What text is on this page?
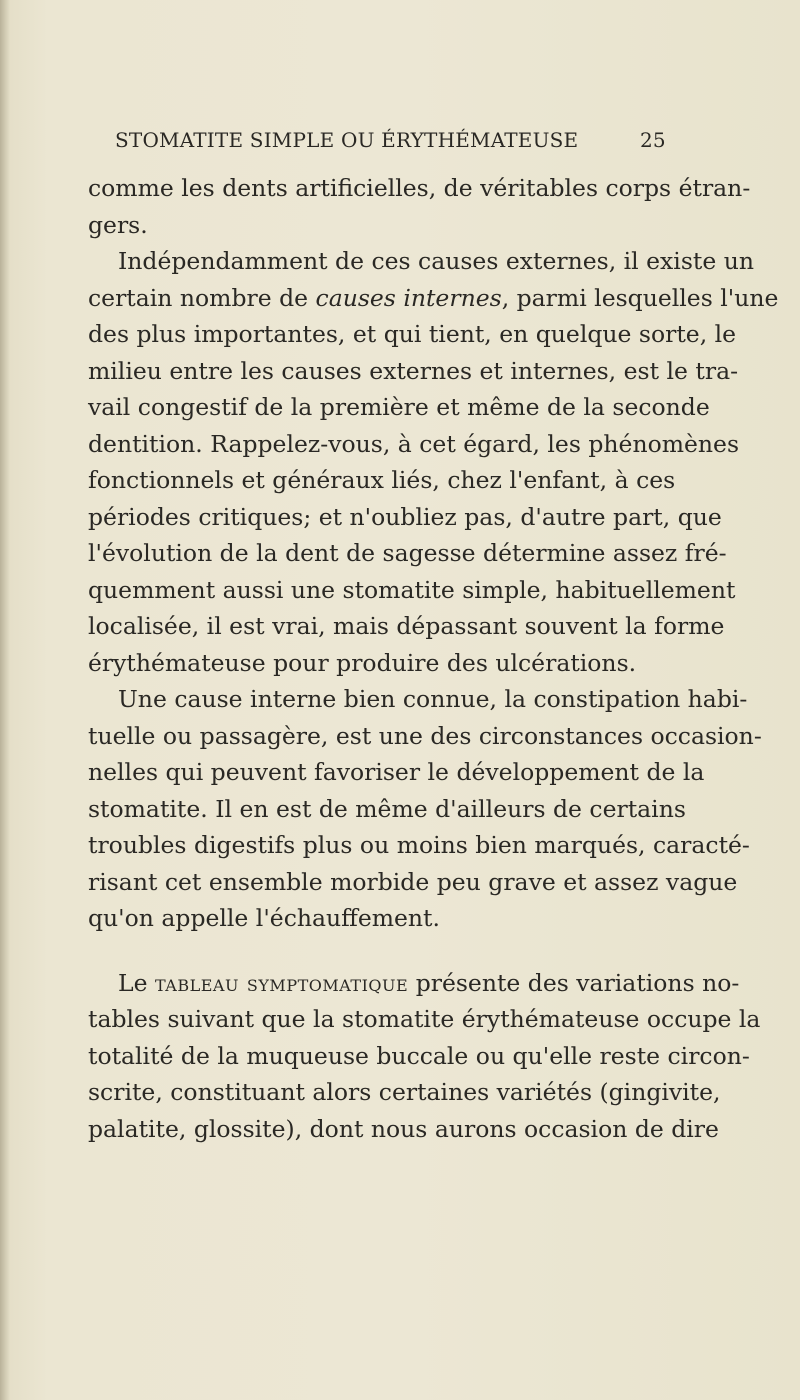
STOMATITE SIMPLE OU ÉRYTHÉMATEUSE	25
comme les dents artificielles, de véritables corps étran-
gers.
Indépendamment de ces causes externes, il existe un
certain nombre de causes internes, parmi lesquelles l'une
des plus importantes, et qui tient, en quelque sorte, le
milieu entre les causes externes et internes, est le tra-
vail congestif de la première et même de la seconde
dentition. Rappelez-vous, à cet égard, les phénomènes
fonctionnels et généraux liés, chez l'enfant, à ces
périodes critiques; et n'oubliez pas, d'autre part, que
l'évolution de la dent de sagesse détermine assez fré-
quemment aussi une stomatite simple, habituellement
localisée, il est vrai, mais dépassant souvent la forme
érythémateuse pour produire des ulcérations.
Une cause interne bien connue, la constipation habi-
tuelle ou passagère, est une des circonstances occasion-
nelles qui peuvent favoriser le développement de la
stomatite. Il en est de même d'ailleurs de certains
troubles digestifs plus ou moins bien marqués, caracté-
risant cet ensemble morbide peu grave et assez vague
qu'on appelle l'échauffement.
Le tableau symptomatique présente des variations no-
tables suivant que la stomatite érythémateuse occupe la
totalité de la muqueuse buccale ou qu'elle reste circon-
scrite, constituant alors certaines variétés (gingivite,
palatite, glossite), dont nous aurons occasion de dire
